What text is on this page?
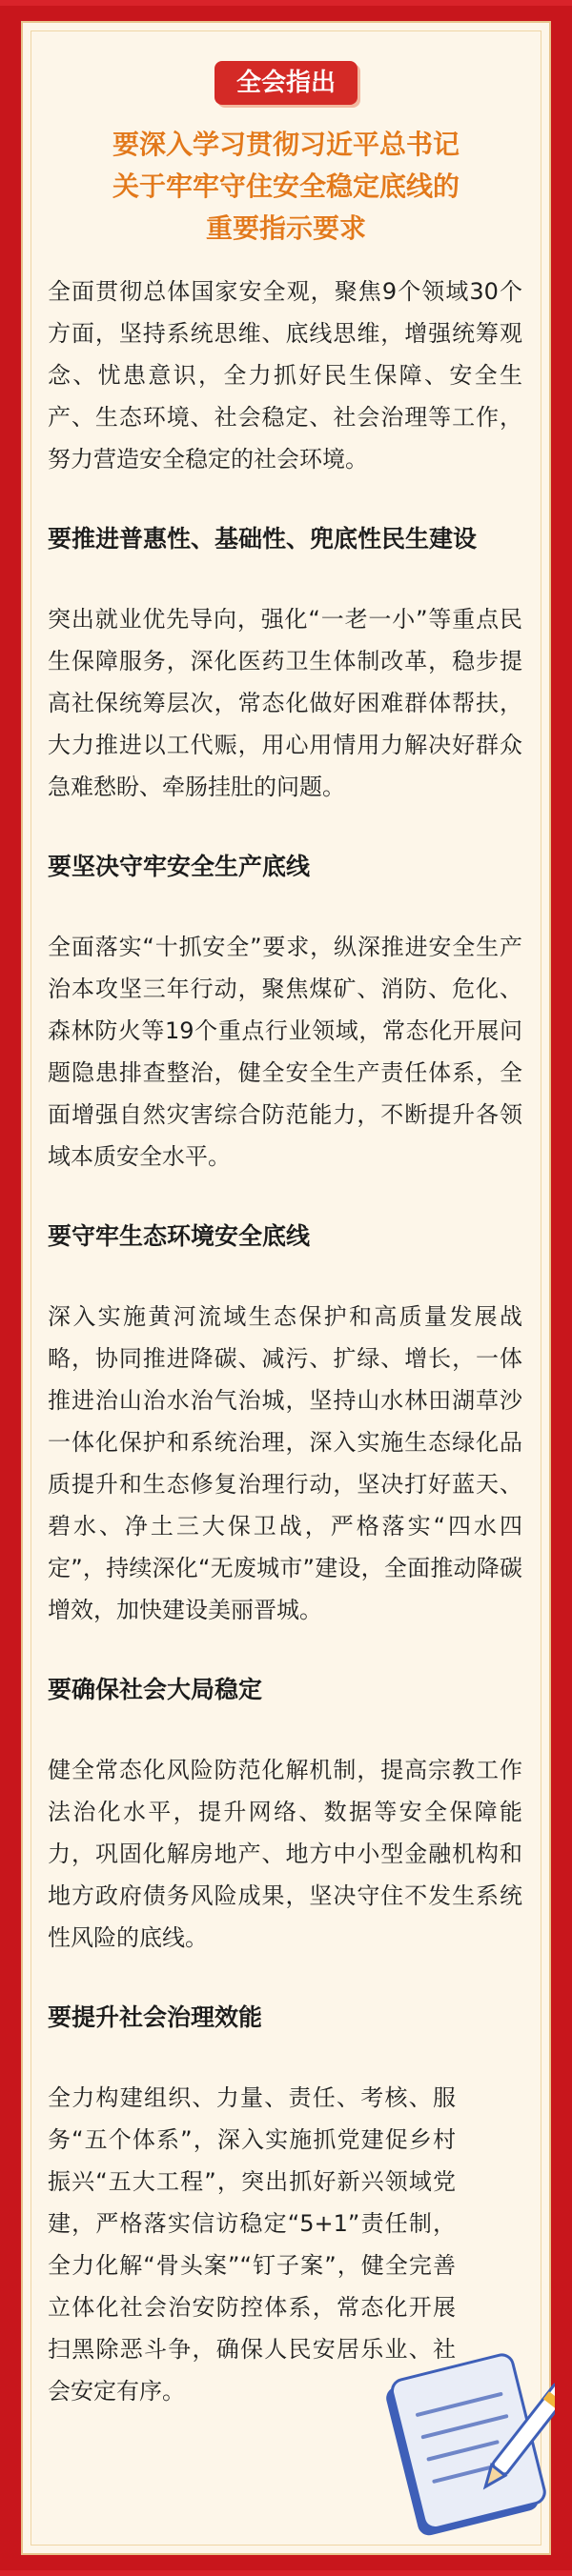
全会指出
要深入学习贯彻习近平总书记
关于牢牢守住安全稳定底线的
重要指示要求

全面贯彻总体国家安全观，聚焦9个领域30个方面，坚持系统思维、底线思维，增强统筹观念、忧患意识，全力抓好民生保障、安全生产、生态环境、社会稳定、社会治理等工作，努力营造安全稳定的社会环境。

要推进普惠性、基础性、兜底性民生建设

突出就业优先导向，强化“一老一小”等重点民生保障服务，深化医药卫生体制改革，稳步提高社保统筹层次，常态化做好困难群体帮扶，大力推进以工代赈，用心用情用力解决好群众急难愁盼、牵肠挂肚的问题。

要坚决守牢安全生产底线

全面落实“十抓安全”要求，纵深推进安全生产治本攻坚三年行动，聚焦煤矿、消防、危化、森林防火等19个重点行业领域，常态化开展问题隐患排查整治，健全安全生产责任体系，全面增强自然灾害综合防范能力，不断提升各领域本质安全水平。

要守牢生态环境安全底线

深入实施黄河流域生态保护和高质量发展战略，协同推进降碳、减污、扩绿、增长，一体推进治山治水治气治城，坚持山水林田湖草沙一体化保护和系统治理，深入实施生态绿化品质提升和生态修复治理行动，坚决打好蓝天、碧水、净土三大保卫战，严格落实“四水四定”，持续深化“无废城市”建设，全面推动降碳增效，加快建设美丽晋城。

要确保社会大局稳定

健全常态化风险防范化解机制，提高宗教工作法治化水平，提升网络、数据等安全保障能力，巩固化解房地产、地方中小型金融机构和地方政府债务风险成果，坚决守住不发生系统性风险的底线。

要提升社会治理效能

全力构建组织、力量、责任、考核、服务“五个体系”，深入实施抓党建促乡村振兴“五大工程”，突出抓好新兴领域党建，严格落实信访稳定“5+1”责任制，全力化解“骨头案”“钉子案”，健全完善立体化社会治安防控体系，常态化开展扫黑除恶斗争，确保人民安居乐业、社会安定有序。
